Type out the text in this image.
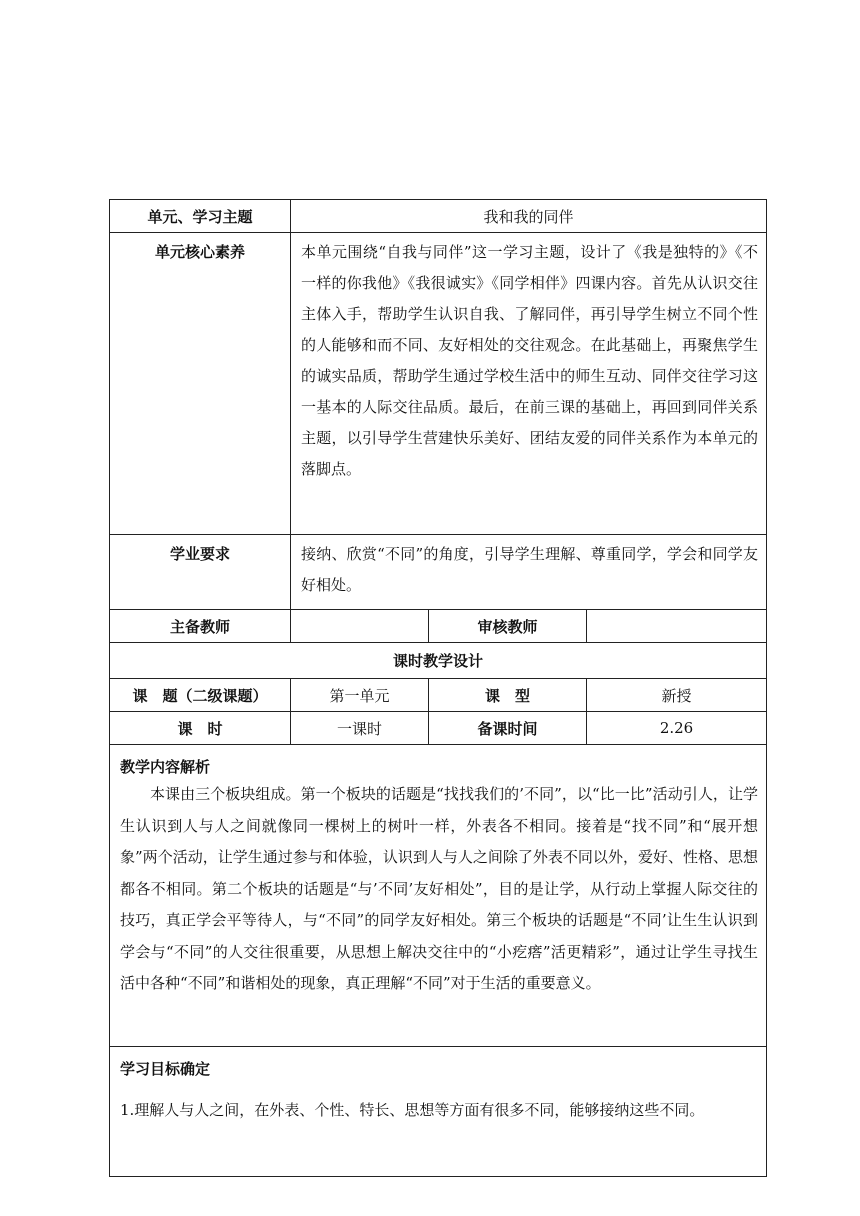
单元、学习主题	我和我的同伴		
单元核心素养	本单元围绕“自我与同伴”这一学习主题，设计了《我是独特的》《不一样的你我他》《我很诚实》《同学相伴》四课内容。首先从认识交往主体入手，帮助学生认识自我、了解同伴，再引导学生树立不同个性的人能够和而不同、友好相处的交往观念。在此基础上，再聚焦学生的诚实品质，帮助学生通过学校生活中的师生互动、同伴交往学习这一基本的人际交往品质。最后，在前三课的基础上，再回到同伴关系主题，以引导学生营建快乐美好、团结友爱的同伴关系作为本单元的落脚点。		
学业要求	接纳、欣赏“不同”的角度，引导学生理解、尊重同学，学会和同学友好相处。		
主备教师		审核教师	
课时教学设计			
课　题（二级课题）	第一单元	课　型	新授
课　时	一课时	备课时间	2.26

教学内容解析
本课由三个板块组成。第一个板块的话题是“找找我们的’不同”，以“比一比”活动引人，让学生认识到人与人之间就像同一棵树上的树叶一样，外表各不相同。接着是“找不同”和“展开想象”两个活动，让学生通过参与和体验，认识到人与人之间除了外表不同以外，爱好、性格、思想都各不相同。第二个板块的话题是“与’不同’友好相处”，目的是让学，从行动上掌握人际交往的技巧，真正学会平等待人，与“不同”的同学友好相处。第三个板块的话题是“不同’让生生认识到学会与“不同”的人交往很重要，从思想上解决交往中的“小疙瘩”活更精彩”，通过让学生寻找生活中各种“不同”和谐相处的现象，真正理解“不同”对于生活的重要意义。			

学习目标确定
1.理解人与人之间，在外表、个性、特长、思想等方面有很多不同，能够接纳这些不同。			
